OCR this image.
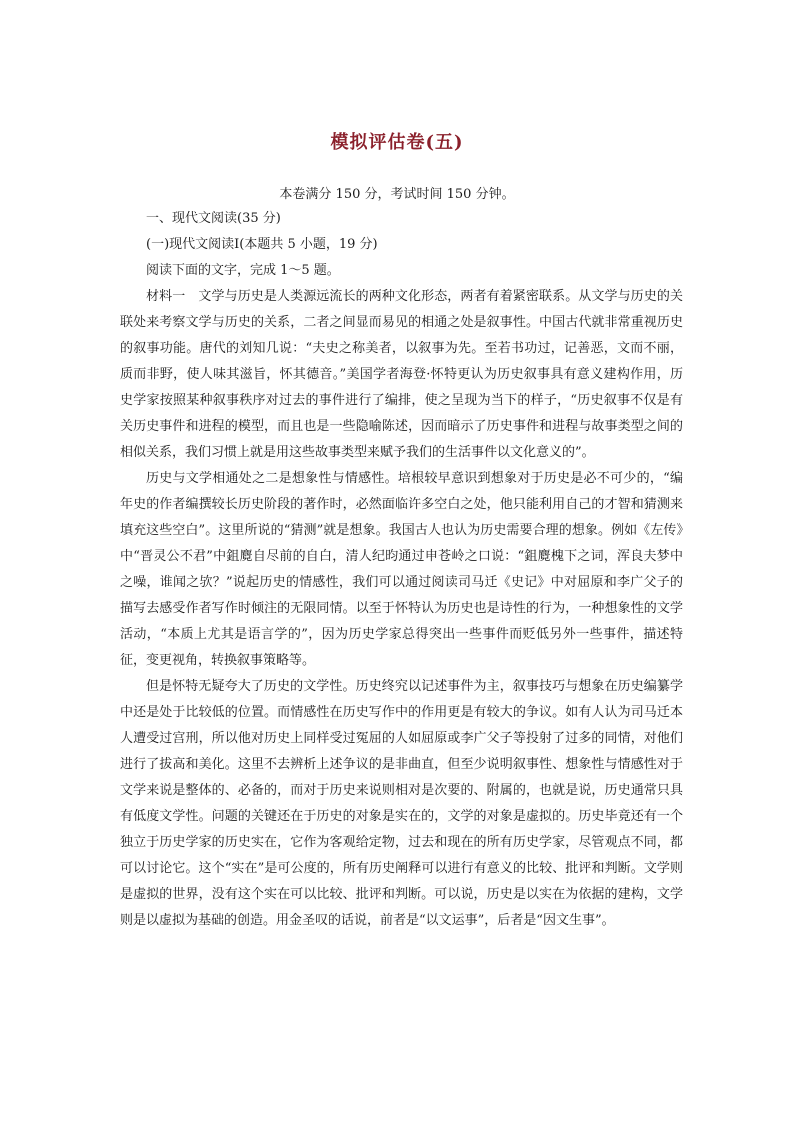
模拟评估卷(五)
本卷满分 150 分，考试时间 150 分钟。

一、现代文阅读(35 分)

(一)现代文阅读Ⅰ(本题共 5 小题，19 分)

阅读下面的文字，完成 1～5 题。

材料一　文学与历史是人类源远流长的两种文化形态，两者有着紧密联系。从文学与历史的关联处来考察文学与历史的关系，二者之间显而易见的相通之处是叙事性。中国古代就非常重视历史的叙事功能。唐代的刘知几说：“夫史之称美者，以叙事为先。至若书功过，记善恶，文而不丽，质而非野，使人味其滋旨，怀其德音。”美国学者海登·怀特更认为历史叙事具有意义建构作用，历史学家按照某种叙事秩序对过去的事件进行了编排，使之呈现为当下的样子，“历史叙事不仅是有关历史事件和进程的模型，而且也是一些隐喻陈述，因而暗示了历史事件和进程与故事类型之间的相似关系，我们习惯上就是用这些故事类型来赋予我们的生活事件以文化意义的”。

历史与文学相通处之二是想象性与情感性。培根较早意识到想象对于历史是必不可少的，“编年史的作者编撰较长历史阶段的著作时，必然面临许多空白之处，他只能利用自己的才智和猜测来填充这些空白”。这里所说的“猜测”就是想象。我国古人也认为历史需要合理的想象。例如《左传》中“晋灵公不君”中鉏麑自尽前的自白，清人纪昀通过申苍岭之口说：“鉏麑槐下之词，浑良夫梦中之噪，谁闻之欤？”说起历史的情感性，我们可以通过阅读司马迁《史记》中对屈原和李广父子的描写去感受作者写作时倾注的无限同情。以至于怀特认为历史也是诗性的行为，一种想象性的文学活动，“本质上尤其是语言学的”，因为历史学家总得突出一些事件而贬低另外一些事件，描述特征，变更视角，转换叙事策略等。

但是怀特无疑夸大了历史的文学性。历史终究以记述事件为主，叙事技巧与想象在历史编纂学中还是处于比较低的位置。而情感性在历史写作中的作用更是有较大的争议。如有人认为司马迁本人遭受过宫刑，所以他对历史上同样受过冤屈的人如屈原或李广父子等投射了过多的同情，对他们进行了拔高和美化。这里不去辨析上述争议的是非曲直，但至少说明叙事性、想象性与情感性对于文学来说是整体的、必备的，而对于历史来说则相对是次要的、附属的，也就是说，历史通常只具有低度文学性。问题的关键还在于历史的对象是实在的，文学的对象是虚拟的。历史毕竟还有一个独立于历史学家的历史实在，它作为客观给定物，过去和现在的所有历史学家，尽管观点不同，都可以讨论它。这个“实在”是可公度的，所有历史阐释可以进行有意义的比较、批评和判断。文学则是虚拟的世界，没有这个实在可以比较、批评和判断。可以说，历史是以实在为依据的建构，文学则是以虚拟为基础的创造。用金圣叹的话说，前者是“以文运事”，后者是“因文生事”。
